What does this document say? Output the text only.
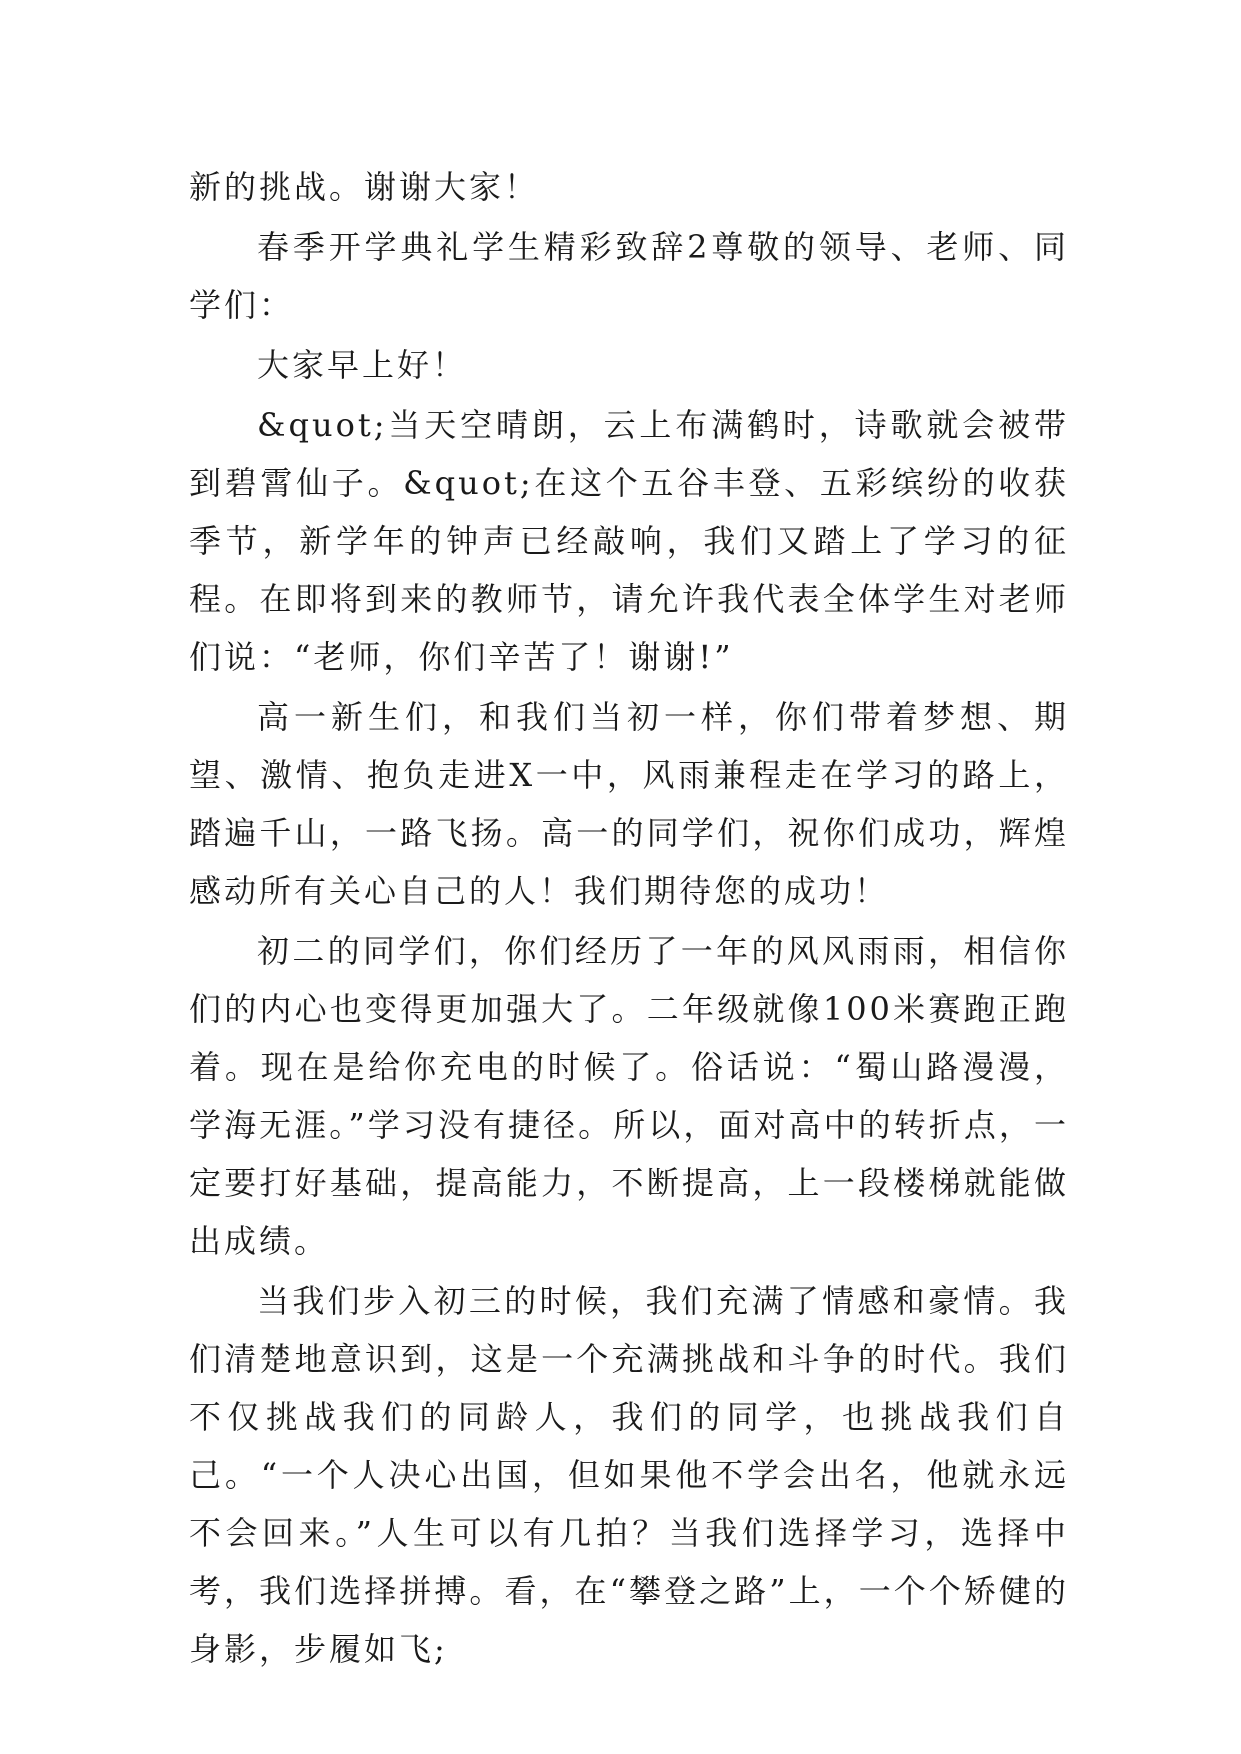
新的挑战。谢谢大家！

春季开学典礼学生精彩致辞2尊敬的领导、老师、同学们：

大家早上好！

&quot;当天空晴朗，云上布满鹤时，诗歌就会被带到碧霄仙子。&quot;在这个五谷丰登、五彩缤纷的收获季节，新学年的钟声已经敲响，我们又踏上了学习的征程。在即将到来的教师节，请允许我代表全体学生对老师们说：“老师，你们辛苦了！谢谢!”

高一新生们，和我们当初一样，你们带着梦想、期望、激情、抱负走进X一中，风雨兼程走在学习的路上，踏遍千山，一路飞扬。高一的同学们，祝你们成功，辉煌感动所有关心自己的人！我们期待您的成功！

初二的同学们，你们经历了一年的风风雨雨，相信你们的内心也变得更加强大了。二年级就像100米赛跑正跑着。现在是给你充电的时候了。俗话说：“蜀山路漫漫，学海无涯。”学习没有捷径。所以，面对高中的转折点，一定要打好基础，提高能力，不断提高，上一段楼梯就能做出成绩。

当我们步入初三的时候，我们充满了情感和豪情。我们清楚地意识到，这是一个充满挑战和斗争的时代。我们不仅挑战我们的同龄人，我们的同学，也挑战我们自己。“一个人决心出国，但如果他不学会出名，他就永远不会回来。”人生可以有几拍？当我们选择学习，选择中考，我们选择拼搏。看，在“攀登之路”上，一个个矫健的身影，步履如飞;
